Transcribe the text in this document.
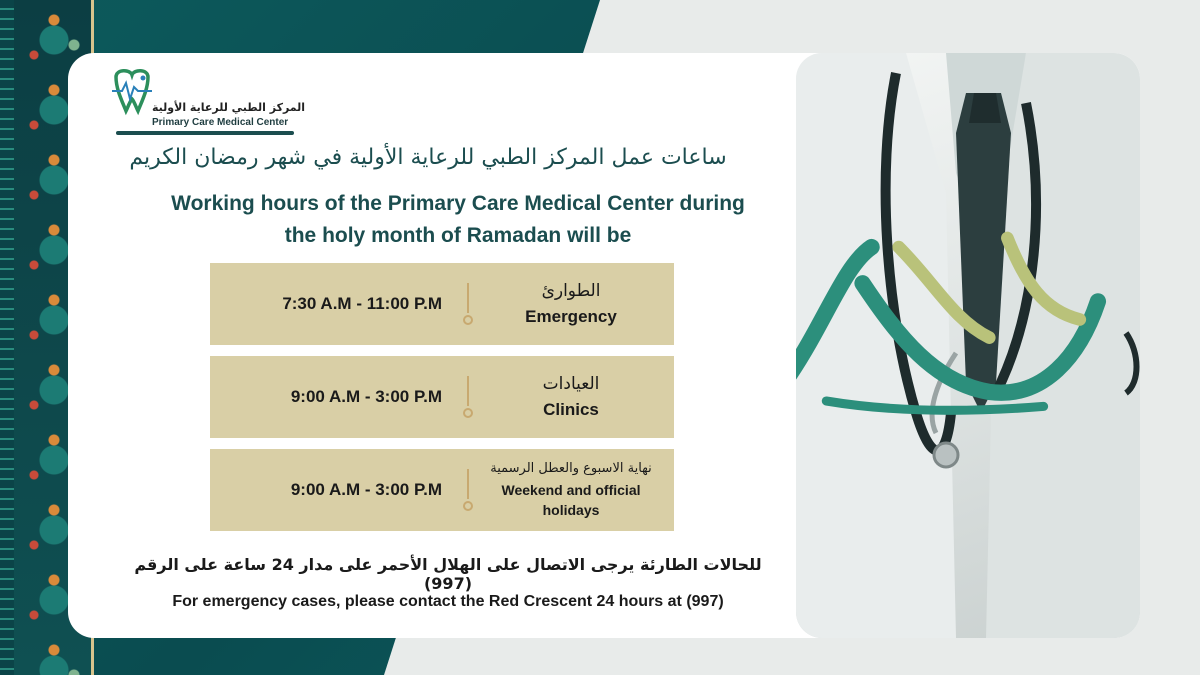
المركز الطبي للرعاية الأولية
Primary Care Medical Center
ساعات عمل المركز الطبي للرعاية الأولية في شهر رمضان الكريم
Working hours of the Primary Care Medical Center during
the holy month of Ramadan will be
7:30 A.M - 11:00 P.M
الطوارئ
Emergency
9:00 A.M - 3:00 P.M
العيادات
Clinics
9:00 A.M - 3:00 P.M
نهاية الاسبوع والعطل الرسمية
Weekend and official
holidays
للحالات الطارئة يرجى الاتصال على الهلال الأحمر على مدار 24 ساعة على الرقم (997)
For emergency cases, please contact the Red Crescent 24 hours at (997)
